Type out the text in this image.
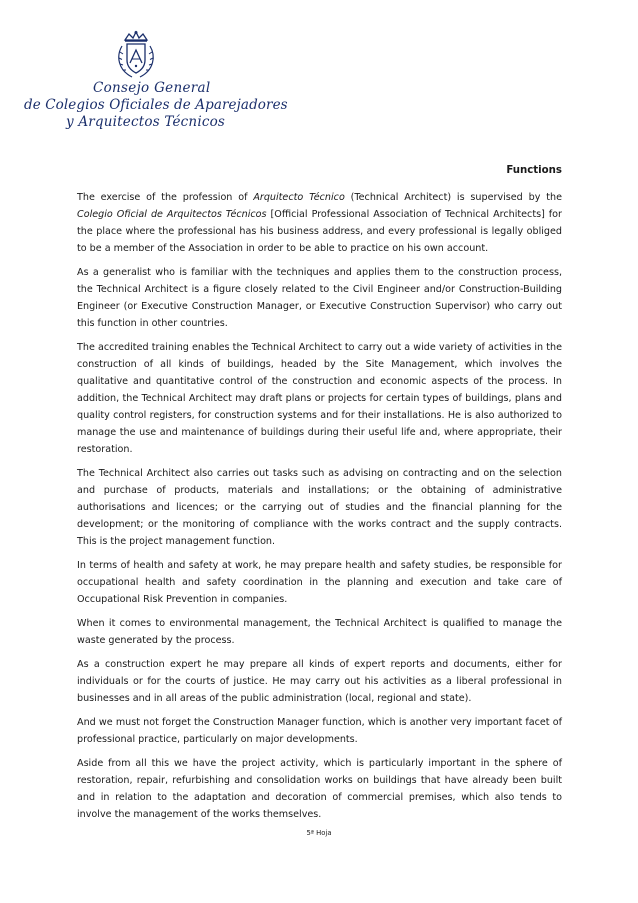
Consejo General
de Colegios Oficiales de Aparejadores
y Arquitectos Técnicos
Functions

The exercise of the profession of Arquitecto Técnico (Technical Architect) is supervised by the Colegio Oficial de Arquitectos Técnicos [Official Professional Association of Technical Architects] for the place where the professional has his business address, and every professional is legally obliged to be a member of the Association in order to be able to practice on his own account.

As a generalist who is familiar with the techniques and applies them to the construction process, the Technical Architect is a figure closely related to the Civil Engineer and/or Construction-Building Engineer (or Executive Construction Manager, or Executive Construction Supervisor) who carry out this function in other countries.

The accredited training enables the Technical Architect to carry out a wide variety of activities in the construction of all kinds of buildings, headed by the Site Management, which involves the qualitative and quantitative control of the construction and economic aspects of the process. In addition, the Technical Architect may draft plans or projects for certain types of buildings, plans and quality control registers, for construction systems and for their installations. He is also authorized to manage the use and maintenance of buildings during their useful life and, where appropriate, their restoration.

The Technical Architect also carries out tasks such as advising on contracting and on the selection and purchase of products, materials and installations; or the obtaining of administrative authorisations and licences; or the carrying out of studies and the financial planning for the development; or the monitoring of compliance with the works contract and the supply contracts. This is the project management function.

In terms of health and safety at work, he may prepare health and safety studies, be responsible for occupational health and safety coordination in the planning and execution and take care of Occupational Risk Prevention in companies.

When it comes to environmental management, the Technical Architect is qualified to manage the waste generated by the process.

As a construction expert he may prepare all kinds of expert reports and documents, either for individuals or for the courts of justice. He may carry out his activities as a liberal professional in businesses and in all areas of the public administration (local, regional and state).

And we must not forget the Construction Manager function, which is another very important facet of professional practice, particularly on major developments.

Aside from all this we have the project activity, which is particularly important in the sphere of restoration, repair, refurbishing and consolidation works on buildings that have already been built and in relation to the adaptation and decoration of commercial premises, which also tends to involve the management of the works themselves.

5ª Hoja
